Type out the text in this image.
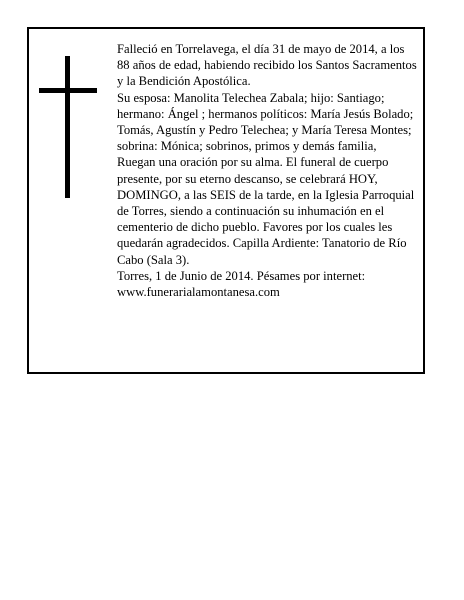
Falleció en Torrelavega, el día 31 de mayo de 2014, a los 88 años de edad, habiendo recibido los Santos Sacramentos y la Bendición Apostólica.

Su esposa: Manolita Telechea Zabala; hijo: Santiago; hermano: Ángel ; hermanos políticos: María Jesús Bolado; Tomás, Agustín y Pedro Telechea; y María Teresa Montes; sobrina: Mónica; sobrinos, primos y demás familia,

Ruegan una oración por su alma. El funeral de cuerpo presente, por su eterno descanso, se celebrará HOY, DOMINGO, a las SEIS de la tarde, en la Iglesia Parroquial de Torres, siendo a continuación su inhumación en el cementerio de dicho pueblo. Favores por los cuales les quedarán agradecidos. Capilla Ardiente: Tanatorio de Río Cabo (Sala 3).

Torres, 1 de Junio de 2014. Pésames por internet: www.funerarialamontanesa.com
